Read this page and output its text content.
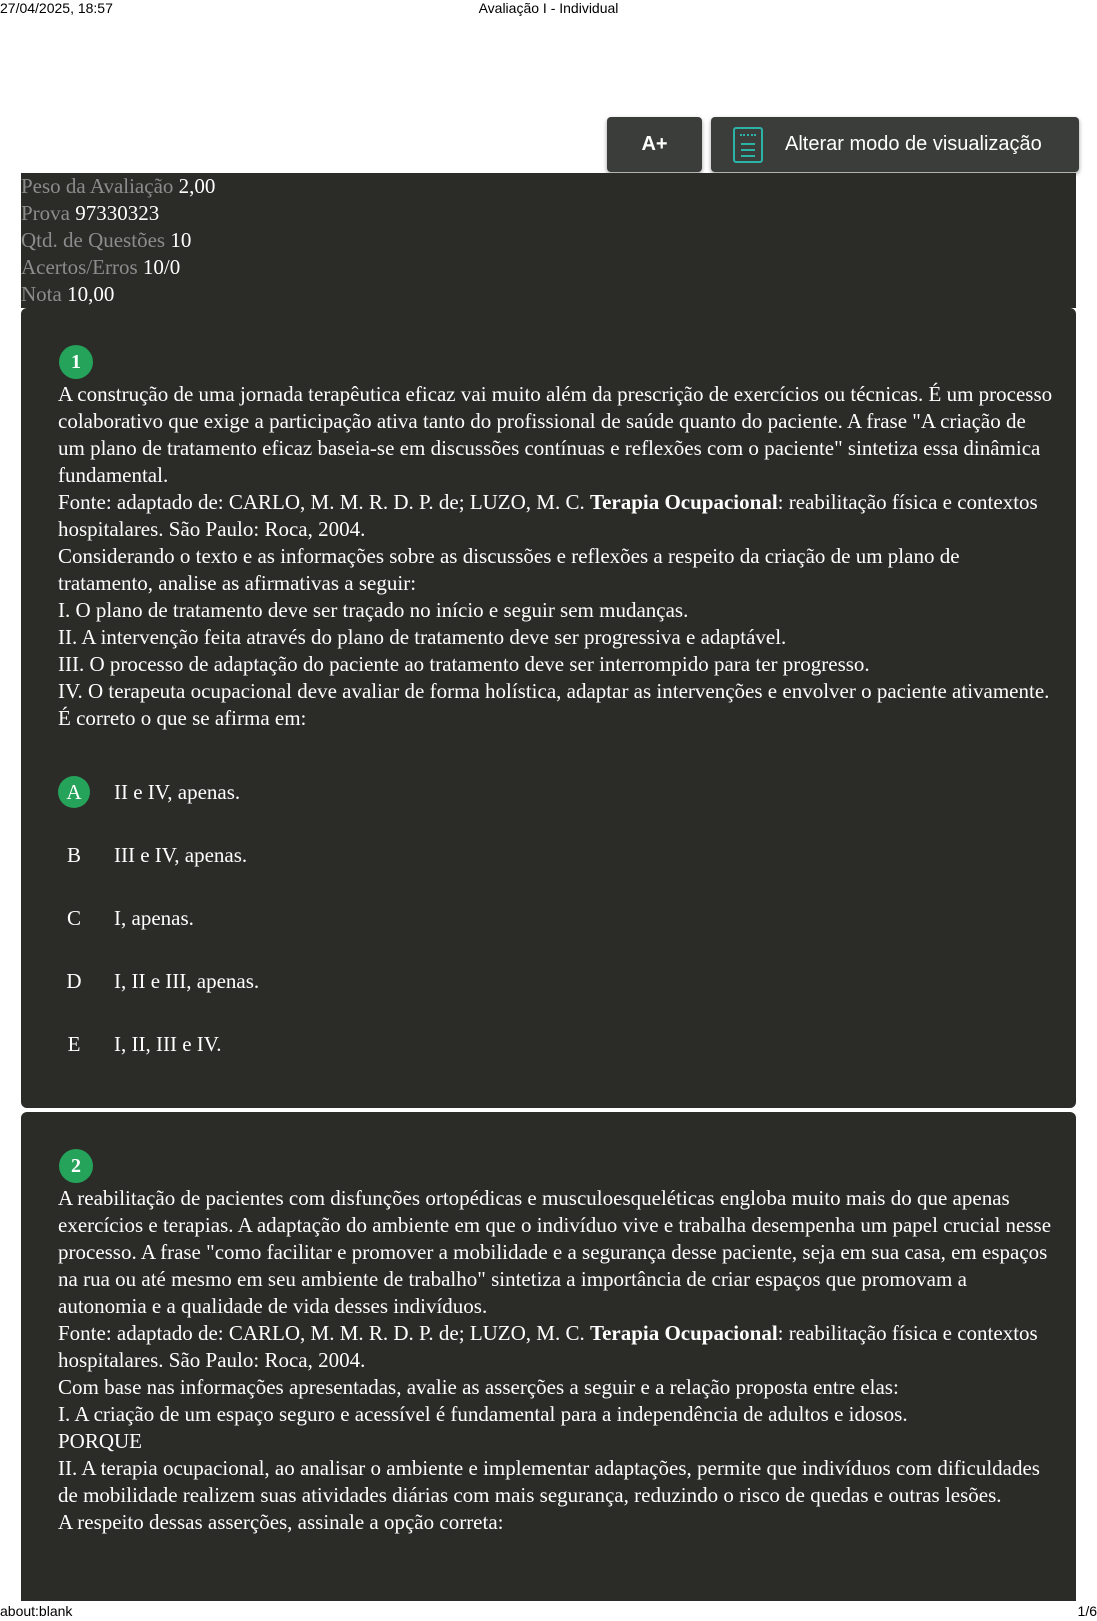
27/04/2025, 18:57	Avaliação I - Individual
A+	Alterar modo de visualização
Peso da Avaliação 2,00
Prova 97330323
Qtd. de Questões 10
Acertos/Erros 10/0
Nota 10,00
1

A construção de uma jornada terapêutica eficaz vai muito além da prescrição de exercícios ou técnicas. É um processo colaborativo que exige a participação ativa tanto do profissional de saúde quanto do paciente. A frase "A criação de um plano de tratamento eficaz baseia-se em discussões contínuas e reflexões com o paciente" sintetiza essa dinâmica fundamental.

Fonte: adaptado de: CARLO, M. M. R. D. P. de; LUZO, M. C. Terapia Ocupacional: reabilitação física e contextos hospitalares. São Paulo: Roca, 2004.

Considerando o texto e as informações sobre as discussões e reflexões a respeito da criação de um plano de tratamento, analise as afirmativas a seguir:

I. O plano de tratamento deve ser traçado no início e seguir sem mudanças.

II. A intervenção feita através do plano de tratamento deve ser progressiva e adaptável.

III. O processo de adaptação do paciente ao tratamento deve ser interrompido para ter progresso.

IV. O terapeuta ocupacional deve avaliar de forma holística, adaptar as intervenções e envolver o paciente ativamente.

É correto o que se afirma em:

A	II e IV, apenas.
B	III e IV, apenas.
C	I, apenas.
D	I, II e III, apenas.
E	I, II, III e IV.
2

A reabilitação de pacientes com disfunções ortopédicas e musculoesqueléticas engloba muito mais do que apenas exercícios e terapias. A adaptação do ambiente em que o indivíduo vive e trabalha desempenha um papel crucial nesse processo. A frase "como facilitar e promover a mobilidade e a segurança desse paciente, seja em sua casa, em espaços na rua ou até mesmo em seu ambiente de trabalho" sintetiza a importância de criar espaços que promovam a autonomia e a qualidade de vida desses indivíduos.

Fonte: adaptado de: CARLO, M. M. R. D. P. de; LUZO, M. C. Terapia Ocupacional: reabilitação física e contextos hospitalares. São Paulo: Roca, 2004.

Com base nas informações apresentadas, avalie as asserções a seguir e a relação proposta entre elas:

I. A criação de um espaço seguro e acessível é fundamental para a independência de adultos e idosos.

PORQUE

II. A terapia ocupacional, ao analisar o ambiente e implementar adaptações, permite que indivíduos com dificuldades de mobilidade realizem suas atividades diárias com mais segurança, reduzindo o risco de quedas e outras lesões.

A respeito dessas asserções, assinale a opção correta:

about:blank	1/6
